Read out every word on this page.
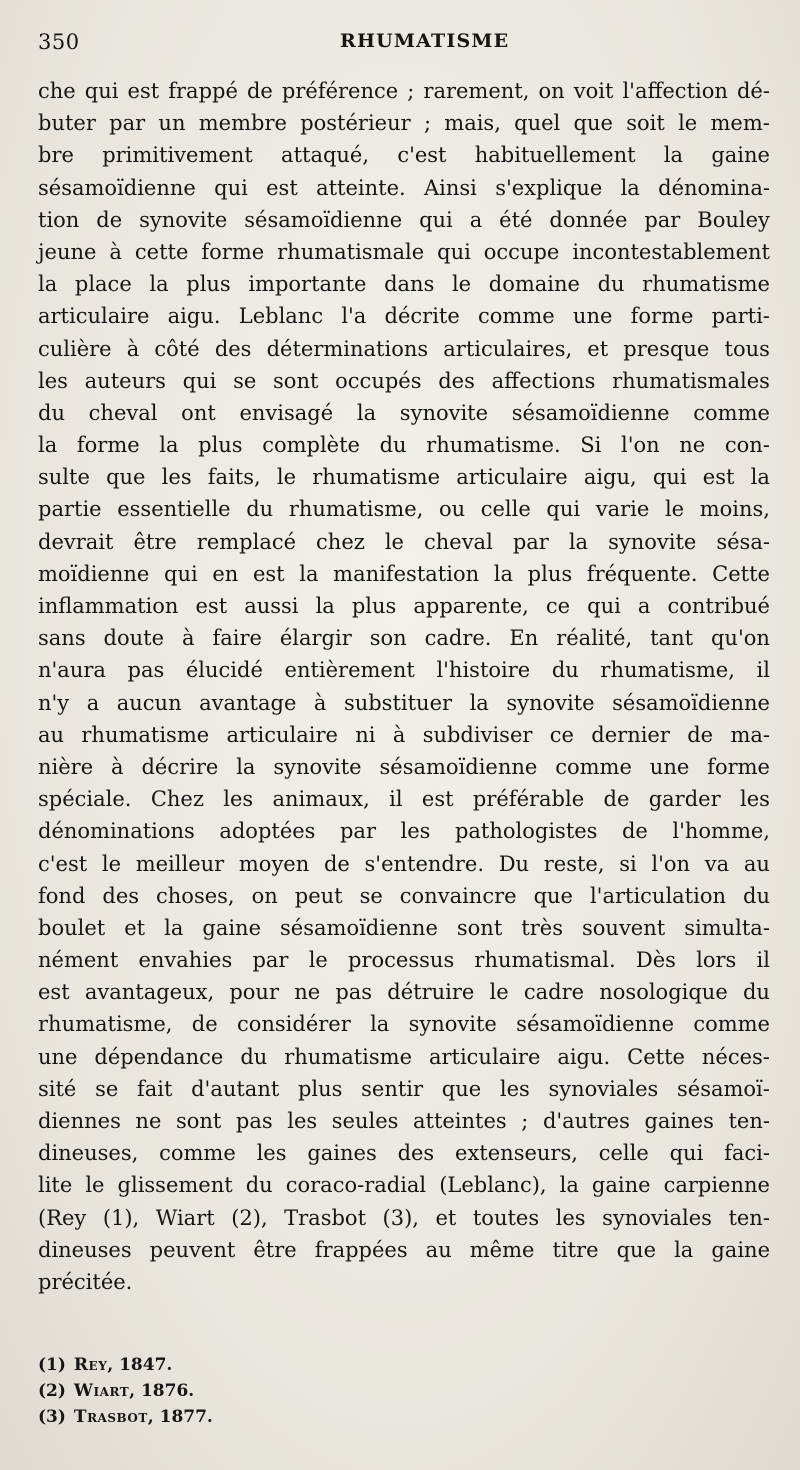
350	RHUMATISME
che qui est frappé de préférence ; rarement, on voit l'affection dé-
buter par un membre postérieur ; mais, quel que soit le mem-
bre primitivement attaqué, c'est habituellement la gaine
sésamoïdienne qui est atteinte. Ainsi s'explique la dénomina-
tion de synovite sésamoïdienne qui a été donnée par Bouley
jeune à cette forme rhumatismale qui occupe incontestablement
la place la plus importante dans le domaine du rhumatisme
articulaire aigu. Leblanc l'a décrite comme une forme parti-
culière à côté des déterminations articulaires, et presque tous
les auteurs qui se sont occupés des affections rhumatismales
du cheval ont envisagé la synovite sésamoïdienne comme
la forme la plus complète du rhumatisme. Si l'on ne con-
sulte que les faits, le rhumatisme articulaire aigu, qui est la
partie essentielle du rhumatisme, ou celle qui varie le moins,
devrait être remplacé chez le cheval par la synovite sésa-
moïdienne qui en est la manifestation la plus fréquente. Cette
inflammation est aussi la plus apparente, ce qui a contribué
sans doute à faire élargir son cadre. En réalité, tant qu'on
n'aura pas élucidé entièrement l'histoire du rhumatisme, il
n'y a aucun avantage à substituer la synovite sésamoïdienne
au rhumatisme articulaire ni à subdiviser ce dernier de ma-
nière à décrire la synovite sésamoïdienne comme une forme
spéciale. Chez les animaux, il est préférable de garder les
dénominations adoptées par les pathologistes de l'homme,
c'est le meilleur moyen de s'entendre. Du reste, si l'on va au
fond des choses, on peut se convaincre que l'articulation du
boulet et la gaine sésamoïdienne sont très souvent simulta-
nément envahies par le processus rhumatismal. Dès lors il
est avantageux, pour ne pas détruire le cadre nosologique du
rhumatisme, de considérer la synovite sésamoïdienne comme
une dépendance du rhumatisme articulaire aigu. Cette néces-
sité se fait d'autant plus sentir que les synoviales sésamoï-
diennes ne sont pas les seules atteintes ; d'autres gaines ten-
dineuses, comme les gaines des extenseurs, celle qui faci-
lite le glissement du coraco-radial (Leblanc), la gaine carpienne
(Rey (1), Wiart (2), Trasbot (3), et toutes les synoviales ten-
dineuses peuvent être frappées au même titre que la gaine
précitée.
(1) Rey, 1847.
(2) Wiart, 1876.
(3) Trasbot, 1877.
